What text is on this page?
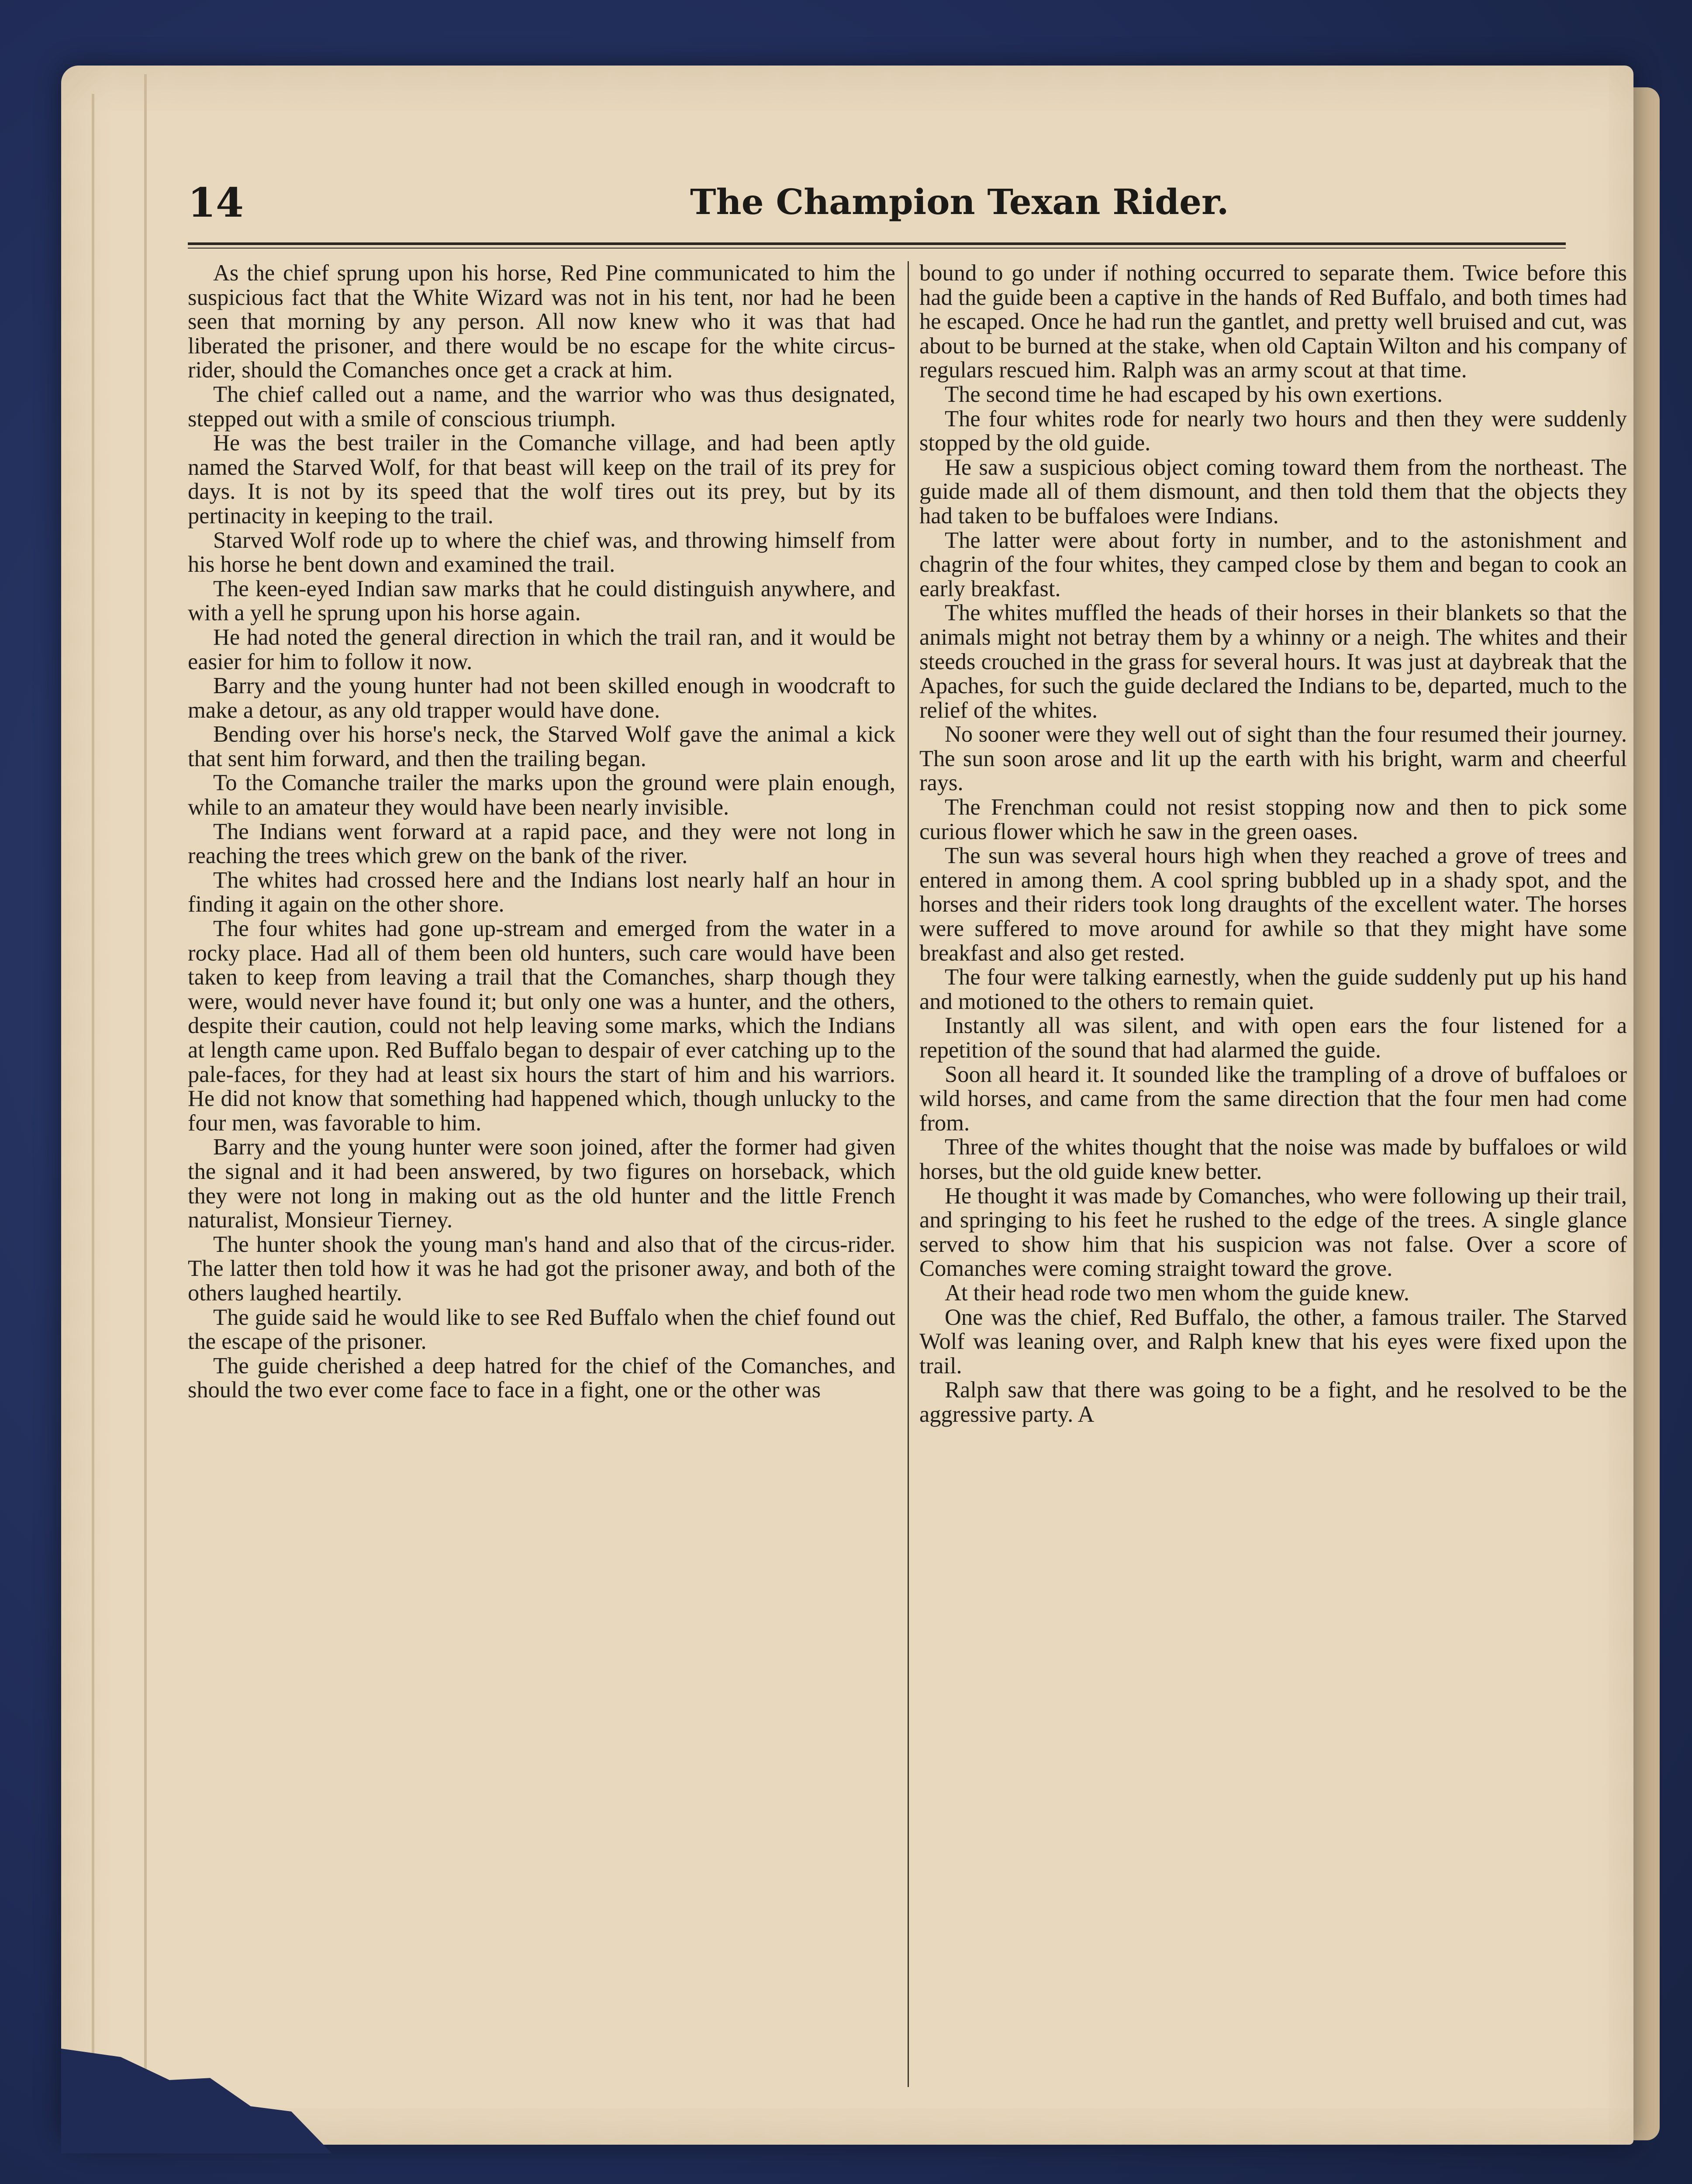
14	The Champion Texan Rider.

As the chief sprung upon his horse, Red Pine communicated to him the suspicious fact that the White Wizard was not in his tent, nor had he been seen that morning by any person. All now knew who it was that had liberated the prisoner, and there would be no escape for the white circus-rider, should the Comanches once get a crack at him.

The chief called out a name, and the warrior who was thus designated, stepped out with a smile of conscious triumph.

He was the best trailer in the Comanche village, and had been aptly named the Starved Wolf, for that beast will keep on the trail of its prey for days. It is not by its speed that the wolf tires out its prey, but by its pertinacity in keeping to the trail.

Starved Wolf rode up to where the chief was, and throwing himself from his horse he bent down and examined the trail.

The keen-eyed Indian saw marks that he could distinguish anywhere, and with a yell he sprung upon his horse again.

He had noted the general direction in which the trail ran, and it would be easier for him to follow it now.

Barry and the young hunter had not been skilled enough in woodcraft to make a detour, as any old trapper would have done.

Bending over his horse's neck, the Starved Wolf gave the animal a kick that sent him forward, and then the trailing began.

To the Comanche trailer the marks upon the ground were plain enough, while to an amateur they would have been nearly invisible.

The Indians went forward at a rapid pace, and they were not long in reaching the trees which grew on the bank of the river.

The whites had crossed here and the Indians lost nearly half an hour in finding it again on the other shore.

The four whites had gone up-stream and emerged from the water in a rocky place. Had all of them been old hunters, such care would have been taken to keep from leaving a trail that the Comanches, sharp though they were, would never have found it; but only one was a hunter, and the others, despite their caution, could not help leaving some marks, which the Indians at length came upon. Red Buffalo began to despair of ever catching up to the pale-faces, for they had at least six hours the start of him and his warriors. He did not know that something had happened which, though unlucky to the four men, was favorable to him.

Barry and the young hunter were soon joined, after the former had given the signal and it had been answered, by two figures on horseback, which they were not long in making out as the old hunter and the little French naturalist, Monsieur Tierney.

The hunter shook the young man's hand and also that of the circus-rider. The latter then told how it was he had got the prisoner away, and both of the others laughed heartily.

The guide said he would like to see Red Buffalo when the chief found out the escape of the prisoner.

The guide cherished a deep hatred for the chief of the Comanches, and should the two ever come face to face in a fight, one or the other was

bound to go under if nothing occurred to separate them. Twice before this had the guide been a captive in the hands of Red Buffalo, and both times had he escaped. Once he had run the gantlet, and pretty well bruised and cut, was about to be burned at the stake, when old Captain Wilton and his company of regulars rescued him. Ralph was an army scout at that time.

The second time he had escaped by his own exertions.

The four whites rode for nearly two hours and then they were suddenly stopped by the old guide.

He saw a suspicious object coming toward them from the northeast. The guide made all of them dismount, and then told them that the objects they had taken to be buffaloes were Indians.

The latter were about forty in number, and to the astonishment and chagrin of the four whites, they camped close by them and began to cook an early breakfast.

The whites muffled the heads of their horses in their blankets so that the animals might not betray them by a whinny or a neigh. The whites and their steeds crouched in the grass for several hours. It was just at daybreak that the Apaches, for such the guide declared the Indians to be, departed, much to the relief of the whites.

No sooner were they well out of sight than the four resumed their journey. The sun soon arose and lit up the earth with his bright, warm and cheerful rays.

The Frenchman could not resist stopping now and then to pick some curious flower which he saw in the green oases.

The sun was several hours high when they reached a grove of trees and entered in among them. A cool spring bubbled up in a shady spot, and the horses and their riders took long draughts of the excellent water. The horses were suffered to move around for awhile so that they might have some breakfast and also get rested.

The four were talking earnestly, when the guide suddenly put up his hand and motioned to the others to remain quiet.

Instantly all was silent, and with open ears the four listened for a repetition of the sound that had alarmed the guide.

Soon all heard it. It sounded like the trampling of a drove of buffaloes or wild horses, and came from the same direction that the four men had come from.

Three of the whites thought that the noise was made by buffaloes or wild horses, but the old guide knew better.

He thought it was made by Comanches, who were following up their trail, and springing to his feet he rushed to the edge of the trees. A single glance served to show him that his suspicion was not false. Over a score of Comanches were coming straight toward the grove.

At their head rode two men whom the guide knew.

One was the chief, Red Buffalo, the other, a famous trailer. The Starved Wolf was leaning over, and Ralph knew that his eyes were fixed upon the trail.

Ralph saw that there was going to be a fight, and he resolved to be the aggressive party. A
